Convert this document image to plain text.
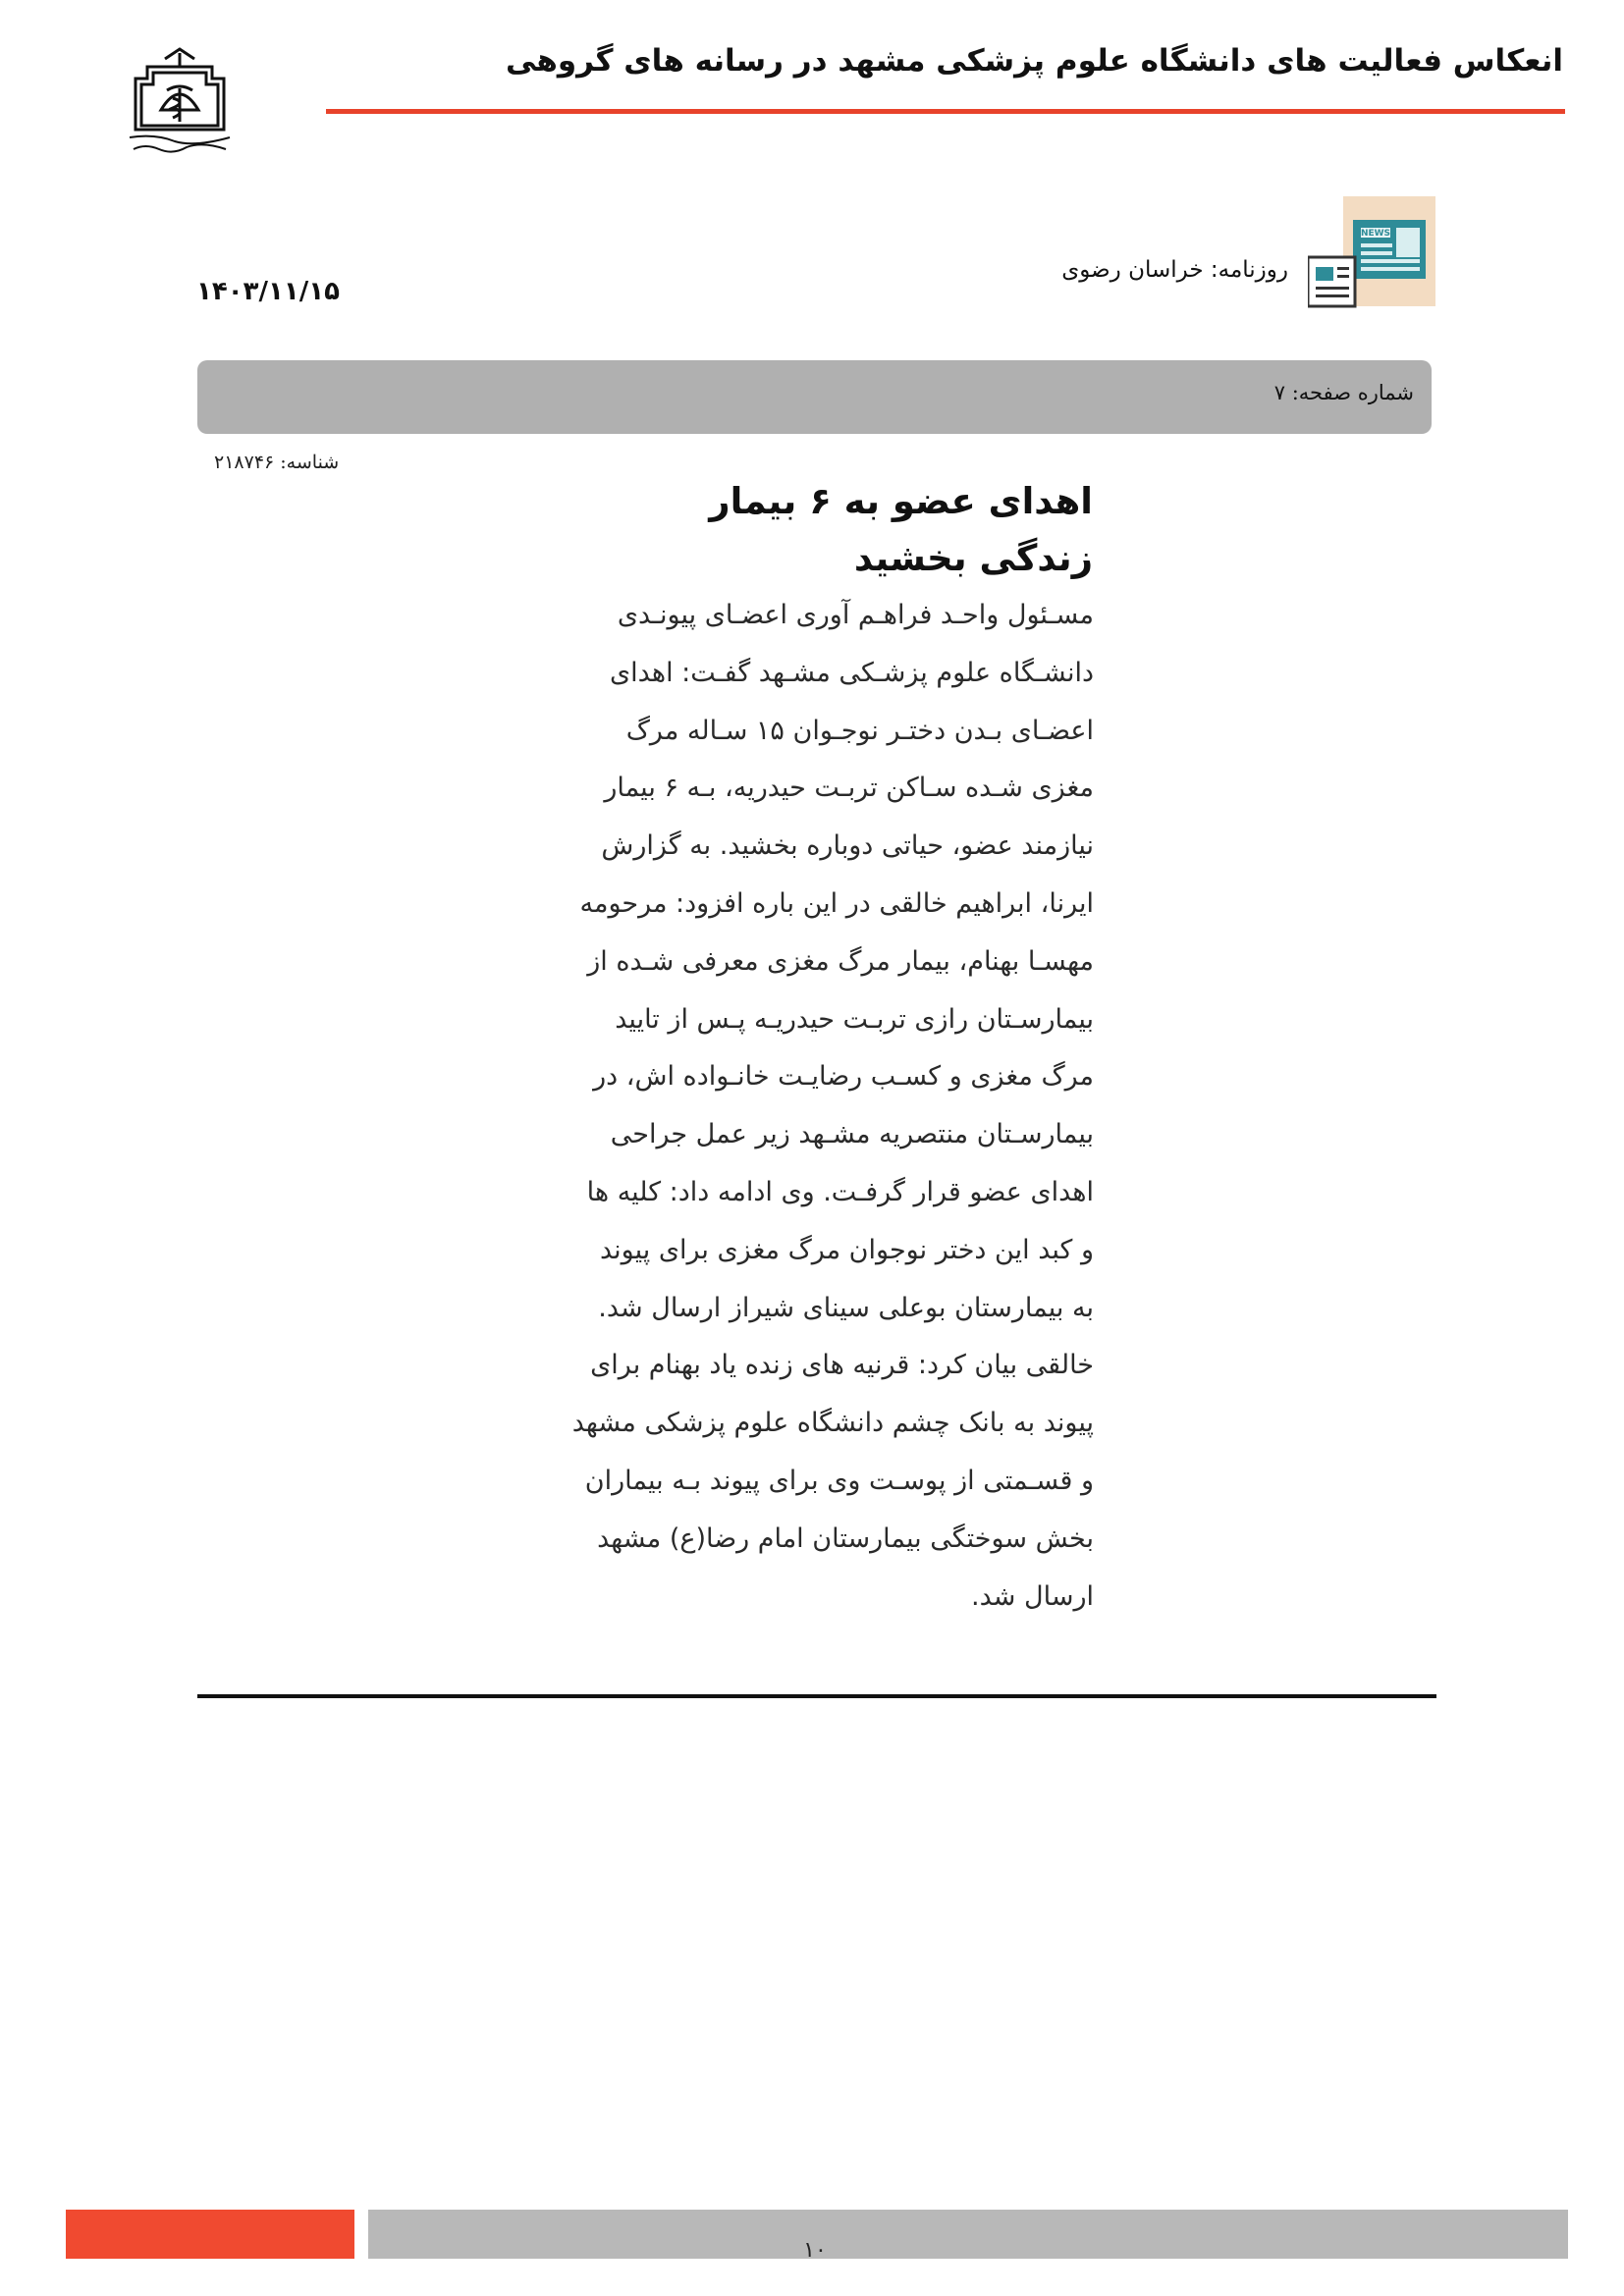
انعکاس فعالیت های دانشگاه علوم پزشکی مشهد در رسانه های گروهی
NEWS
روزنامه: خراسان رضوی
۱۴۰۳/۱۱/۱۵
شماره صفحه: ۷
شناسه: ۲۱۸۷۴۶
اهدای عضو به ۶ بیمار
زندگی بخشید
مسـئول واحـد فراهـم آوری اعضـای پیونـدی
دانشـگاه علوم پزشـکی مشـهد گفـت: اهدای
اعضـای بـدن دختـر نوجـوان ۱۵ سـاله مرگ
مغزی شـده سـاکن تربـت حیدریه، بـه ۶ بیمار
نیازمند عضو، حیاتی دوباره بخشید. به گزارش
ایرنا، ابراهیم خالقی در این باره افزود: مرحومه
مهسـا بهنام، بیمار مرگ مغزی معرفی شـده از
بیمارسـتان رازی تربـت حیدریـه پـس از تایید
مرگ مغزی و کسـب رضایـت خانـواده اش، در
بیمارسـتان منتصریه مشـهد زیر عمل جراحی
اهدای عضو قرار گرفـت. وی ادامه داد: کلیه ها
و کبد این دختر نوجوان مرگ مغزی برای پیوند
به بیمارستان بوعلی سینای شیراز ارسال شد.
خالقی بیان کرد: قرنیه های زنده یاد بهنام برای
پیوند به بانک چشم دانشگاه علوم پزشکی مشهد
و قسـمتی از پوسـت وی برای پیوند بـه بیماران
بخش سوختگی بیمارستان امام رضا(ع) مشهد
ارسال شد.
۱۰
